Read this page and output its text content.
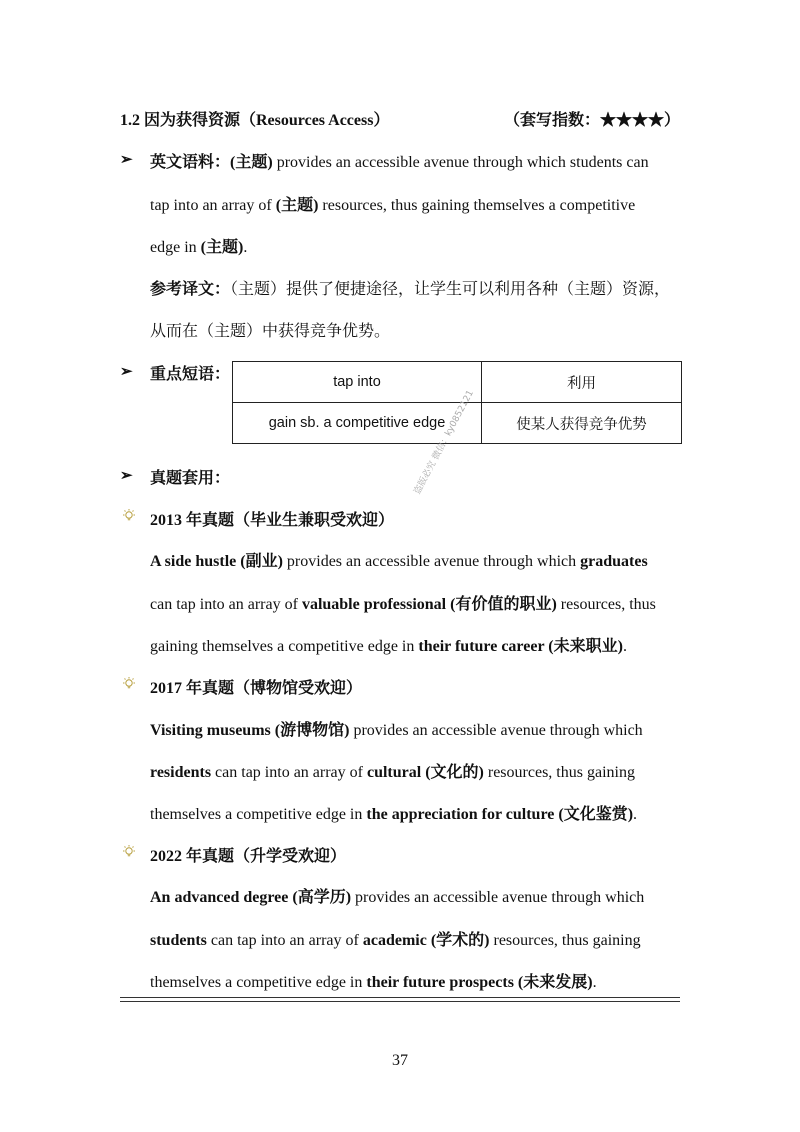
1.2 因为获得资源（Resources Access）	（套写指数：★★★★）
➢ 英文语料：(主题) provides an accessible avenue through which students can
tap into an array of (主题) resources, thus gaining themselves a competitive
edge in (主题).
参考译文：（主题）提供了便捷途径，让学生可以利用各种（主题）资源，
从而在（主题）中获得竞争优势。
➢ 重点短语：	tap into	利用
gain sb. a competitive edge	使某人获得竞争优势
➢ 真题套用：
2013 年真题（毕业生兼职受欢迎）
A side hustle (副业) provides an accessible avenue through which graduates
can tap into an array of valuable professional (有价值的职业) resources, thus
gaining themselves a competitive edge in their future career (未来职业).
2017 年真题（博物馆受欢迎）
Visiting museums (游博物馆) provides an accessible avenue through which
residents can tap into an array of cultural (文化的) resources, thus gaining
themselves a competitive edge in the appreciation for culture (文化鉴赏).
2022 年真题（升学受欢迎）
An advanced degree (高学历) provides an accessible avenue through which
students can tap into an array of academic (学术的) resources, thus gaining
themselves a competitive edge in their future prospects (未来发展).
盗版必究 微信：ky0852121
37
